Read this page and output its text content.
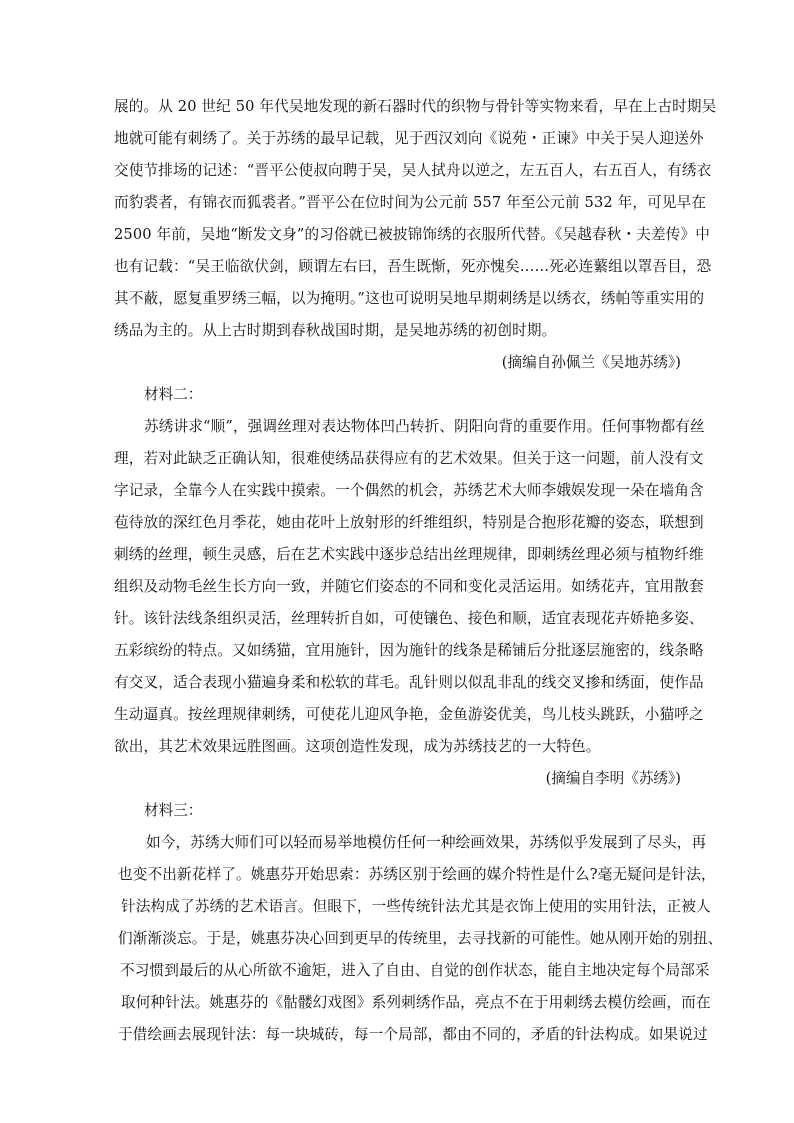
展的。从 20 世纪 50 年代吴地发现的新石器时代的织物与骨针等实物来看，早在上古时期吴
地就可能有刺绣了。关于苏绣的最早记载，见于西汉刘向《说苑・正谏》中关于吴人迎送外
交使节排场的记述：“晋平公使叔向聘于吴，吴人拭舟以逆之，左五百人，右五百人，有绣衣
而豹裘者，有锦衣而狐裘者。”晋平公在位时间为公元前 557 年至公元前 532 年，可见早在
2500 年前，吴地“断发文身”的习俗就已被披锦饰绣的衣服所代替。《吴越春秋・夫差传》中
也有记载：“吴王临欲伏剑，顾谓左右曰，吾生既惭，死亦愧矣……死必连蘩组以罩吾目，恐
其不蔽，愿复重罗绣三幅，以为掩明。”这也可说明吴地早期刺绣是以绣衣，绣帕等重实用的
绣品为主的。从上古时期到春秋战国时期，是吴地苏绣的初创时期。
(摘编自孙佩兰《吴地苏绣》)
材料二：
苏绣讲求“顺”，强调丝理对表达物体凹凸转折、阴阳向背的重要作用。任何事物都有丝
理，若对此缺乏正确认知，很难使绣品获得应有的艺术效果。但关于这一问题，前人没有文
字记录，全靠今人在实践中摸索。一个偶然的机会，苏绣艺术大师李娥娱发现一朵在墙角含
苞待放的深红色月季花，她由花叶上放射形的纤维组织，特别是合抱形花瓣的姿态，联想到
刺绣的丝理，顿生灵感，后在艺术实践中逐步总结出丝理规律，即刺绣丝理必须与植物纤维
组织及动物毛丝生长方向一致，并随它们姿态的不同和变化灵活运用。如绣花卉，宜用散套
针。该针法线条组织灵活，丝理转折自如，可使镶色、接色和顺，适宜表现花卉娇艳多姿、
五彩缤纷的特点。又如绣猫，宜用施针，因为施针的线条是稀铺后分批逐层施密的，线条略
有交叉，适合表现小猫遍身柔和松软的茸毛。乱针则以似乱非乱的线交叉掺和绣面，使作品
生动逼真。按丝理规律刺绣，可使花儿迎风争艳，金鱼游姿优美，鸟儿枝头跳跃，小猫呼之
欲出，其艺术效果远胜图画。这项创造性发现，成为苏绣技艺的一大特色。
(摘编自李明《苏绣》)
材料三：
如今，苏绣大师们可以轻而易举地模仿任何一种绘画效果，苏绣似乎发展到了尽头，再
也变不出新花样了。姚惠芬开始思索：苏绣区别于绘画的媒介特性是什么?毫无疑问是针法，
针法构成了苏绣的艺术语言。但眼下，一些传统针法尤其是衣饰上使用的实用针法，正被人
们渐渐淡忘。于是，姚惠芬决心回到更早的传统里，去寻找新的可能性。她从刚开始的别扭、
不习惯到最后的从心所欲不逾矩，进入了自由、自觉的创作状态，能自主地决定每个局部采
取何种针法。姚惠芬的《骷髅幻戏图》系列刺绣作品，亮点不在于用刺绣去模仿绘画，而在
于借绘画去展现针法：每一块城砖，每一个局部，都由不同的，矛盾的针法构成。如果说过
